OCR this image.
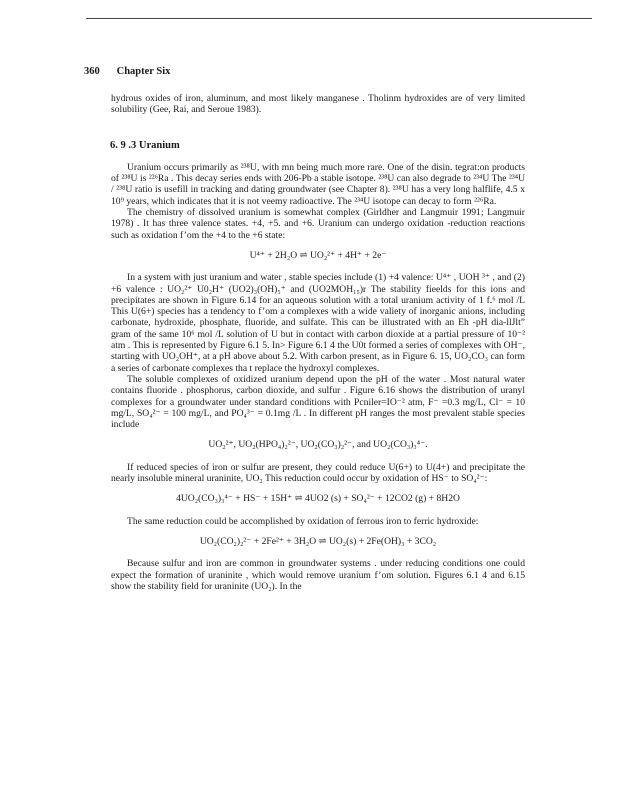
360 Chapter Six

hydrous oxides of iron, aluminum, and most likely manganese . Tholinm hydroxides are of very limited solubility (Gee, Rai, and Seroue 1983).

6. 9 .3 Uranium

Uranium occurs primarily as ²³⁸U, with mn being much more rare. One of the disin. tegrat:on products of ²³⁸U is ²²⁶Ra . This decay series ends with 206-Pb a stable isotope. ²³⁸U can also degrade to ²³⁴U The ²³⁴U / ²³⁸U ratio is usefill in tracking and dating groundwater (see Chapter 8). ²³⁸U has a very long halflife, 4.5 x 10⁹ years, which indicates that it is not veemy radioactive. The ²³⁴U isotope can decay to form ²²⁶Ra.

The chemistry of dissolved uranium is somewhat complex (Girldher and Langmuir 1991; Langmuir 1978) . It has three valence states. +4, +5. and +6. Uranium can undergo oxidation -reduction reactions such as oxidation f’om the +4 to the +6 state:

U⁴⁺ + 2H₂O ⇌ UO₂²⁺ + 4H⁺ + 2e⁻

In a system with just uranium and water , stable species include (1) +4 valence: U⁴⁺ , UOH ³⁺ , and (2) +6 valence : UO₂²⁺ U0₂H⁺ (UO2)₃(OH)₅⁺ and (UO2MOH₁₅)r The stability fieelds for this ions and precipitates are shown in Figure 6.14 for an aqueous solution with a total uranium activity of 1 f.⁶ mol /L This U(6+) species has a tendency to f’om a complexes with a wide valiety of inorganic anions, including carbonate, hydroxide, phosphate, fluoride, and sulfate. This can be illustrated with an Eh -pH dia-llJlt” gram of the same 10⁶ mol /L solution of U but in contact with carbon dioxide at a partial pressure of 10⁻² atm . This is represented by Figure 6.1 5. In> Figure 6.1 4 the U0t formed a series of complexes with OH⁻, starting with UO₂OH⁺, at a pH above about 5.2. With carbon present, as in Figure 6. 15, UO₂CO₃ can form a series of carbonate complexes tha t replace the hydroxyl complexes.

The soluble complexes of oxidized uranium depend upon the pH of the water . Most natural water contains fluoride . phosphorus, carbon dioxide, and sulfur . Figure 6.16 shows the distribution of uranyl complexes for a groundwater under standard conditions with Pcniler=IO⁻² atm, F⁻ =0.3 mg/L, Cl⁻ = 10 mg/L, SO₄²⁻ = 100 mg/L, and PO₄³⁻ = 0.1mg /L . In different pH ranges the most prevalent stable species include

UO₂²⁺, UO₂(HPO₄)₂²⁻, UO₂(CO₃)₂²⁻, and UO₂(CO₃)₃⁴⁻.

If reduced species of iron or sulfur are present, they could reduce U(6+) to U(4+) and precipitate the nearly insoluble mineral uraninite, UO₂ This reduction could occur by oxidation of HS⁻ to SO₄²⁻:

4UO₂(CO₃)₃⁴⁻ + HS⁻ + 15H⁺ ⇌ 4UO2 (s) + SO₄²⁻ + 12CO2 (g) + 8H2O

The same reduction could be accomplished by oxidation of ferrous iron to ferric hydroxide:

UO₂(CO₂)₂²⁻ + 2Fe²⁺ + 3H₂O ⇌ UO₂(s) + 2Fe(OH)₃ + 3CO₂

Because sulfur and iron are common in groundwater systems . under reducing conditions one could expect the formation of uraninite , which would remove uranium f’om solution. Figures 6.1 4 and 6.15 show the stability field for uraninite (UO₂). In the
